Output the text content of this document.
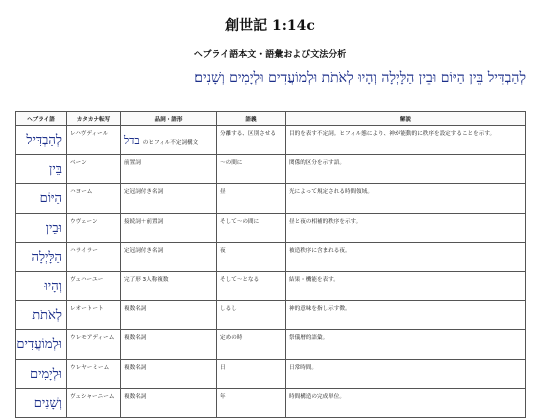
創世記 1:14c
ヘブライ語本文・語彙および文法分析
לְהַבְדִּיל בֵּין הַיּוֹם וּבֵין הַלָּיְלָה וְהָיוּ לְאֹתֹת וּלְמוֹעֲדִים וּלְיָמִים וְשָׁנִים׃
ヘブライ語	カタカナ転写	品詞・語形	語義	解説
לְהַבְדִּיל	レハヴディール	בדל のヒフィル不定詞構文	分離する、区別させる	目的を表す不定詞。ヒフィル態により、神が能動的に秩序を設定することを示す。
בֵּין	ベーン	前置詞	～の間に	関係的区分を示す語。
הַיּוֹם	ハヨーム	定冠詞付き名詞	昼	光によって規定される時間領域。
וּבֵין	ウヴェーン	接続詞＋前置詞	そして～の間に	昼と夜の相補的秩序を示す。
הַלָּיְלָה	ハライラー	定冠詞付き名詞	夜	被造秩序に含まれる夜。
וְהָיוּ	ヴェハーユー	完了形 3人称複数	そして～となる	結果・機能を表す。
לְאֹתֹת	レオートート	複数名詞	しるし	神的意味を指し示す徴。
וּלְמוֹעֲדִים	ウレモアディーム	複数名詞	定めの時	祭儀暦的語彙。
וּלְיָמִים	ウレヤーミーム	複数名詞	日	日常時間。
וְשָׁנִים	ヴェシャーニーム	複数名詞	年	時間構造の完成単位。
